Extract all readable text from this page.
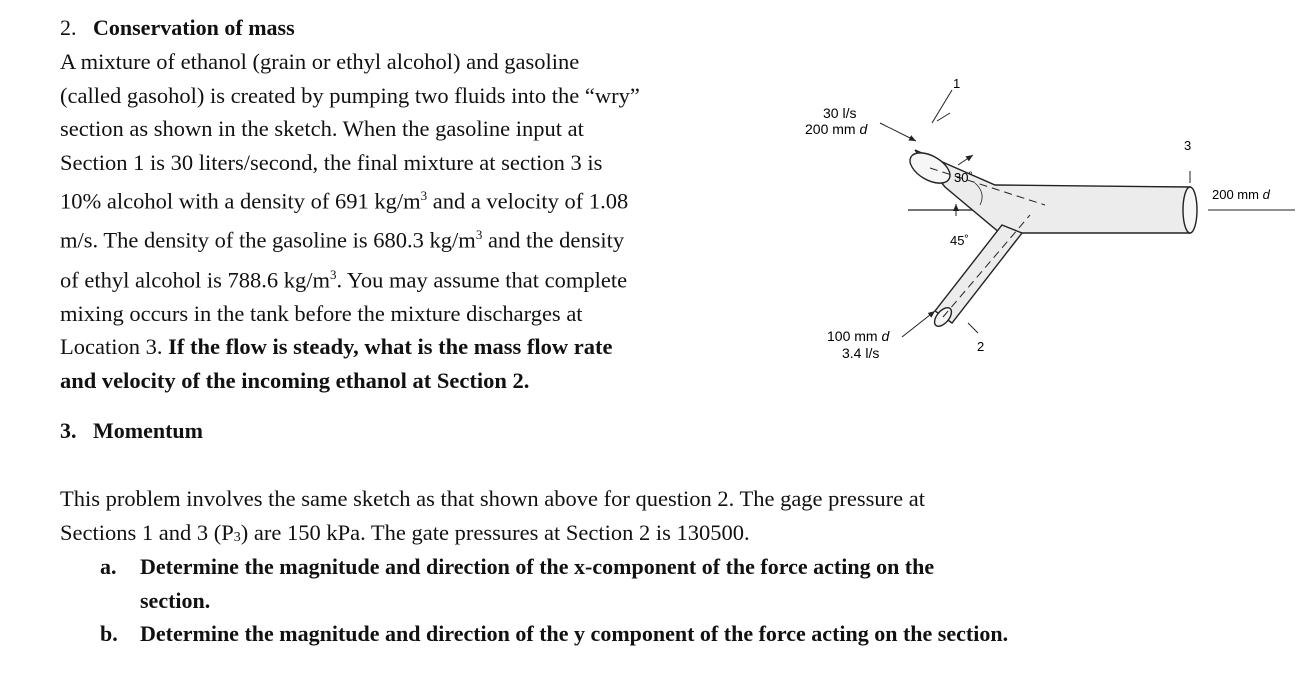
2. Conservation of mass
A mixture of ethanol (grain or ethyl alcohol) and gasoline
(called gasohol) is created by pumping two fluids into the “wry”
section as shown in the sketch. When the gasoline input at
Section 1 is 30 liters/second, the final mixture at section 3 is
10% alcohol with a density of 691 $kg/m^3$ and a velocity of 1.08
m/s. The density of the gasoline is 680.3 $kg/m^3$ and the density
of ethyl alcohol is 788.6 $kg/m^3$. You may assume that complete
mixing occurs in the tank before the mixture discharges at
Location 3. If the flow is steady, what is the mass flow rate
and velocity of the incoming ethanol at Section 2.
30 l/s
200 mm d
1
3
2
30˚
45˚
200 mm d
100 mm d
3.4 l/s
3. Momentum
This problem involves the same sketch as that shown above for question 2. The gage pressure at
Sections 1 and 3 $(P_3)$ are 150 kPa. The gate pressures at Section 2 is 130500.
a. Determine the magnitude and direction of the x-component of the force acting on the
section.
b. Determine the magnitude and direction of the y component of the force acting on the section.
